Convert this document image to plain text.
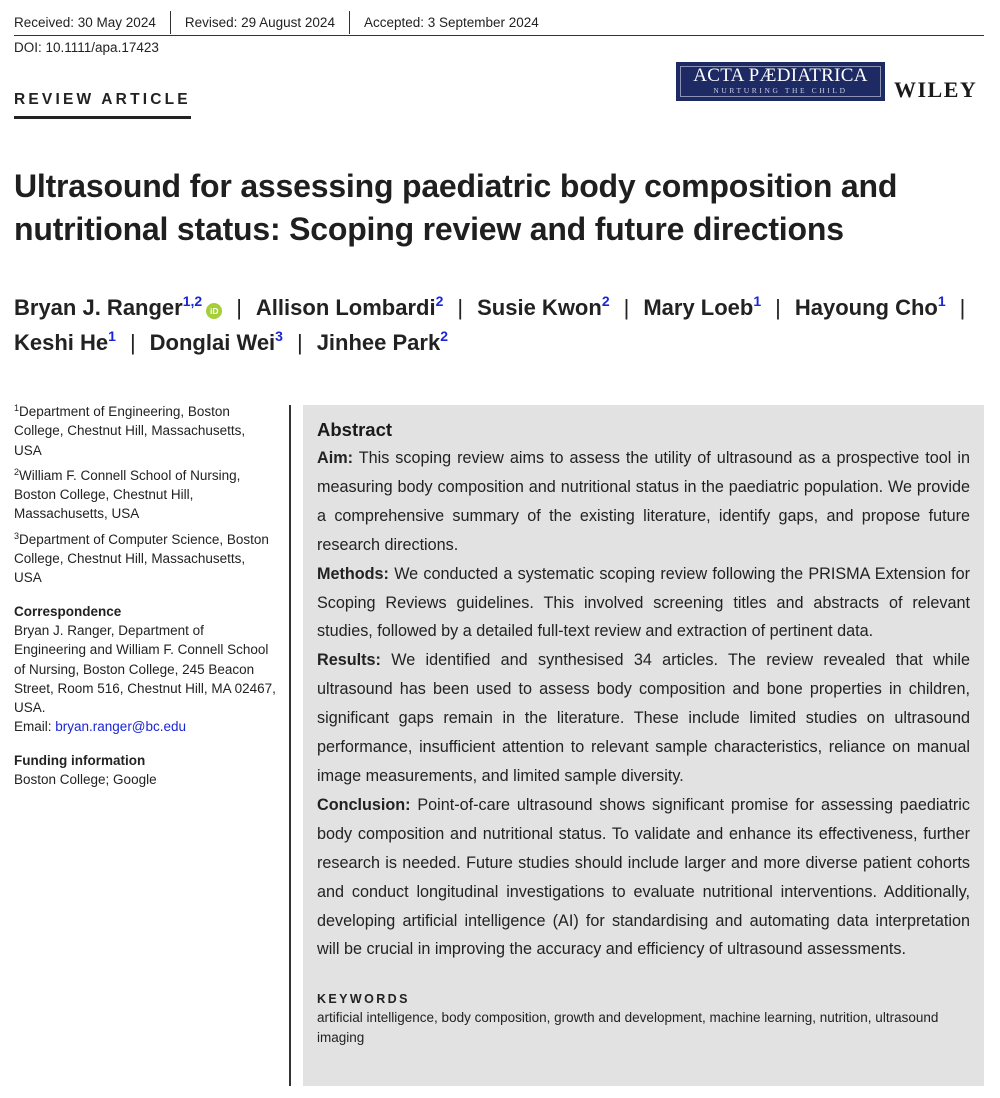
Received: 30 May 2024	Revised: 29 August 2024	Accepted: 3 September 2024
DOI: 10.1111/apa.17423
REVIEW ARTICLE
ACTA PÆDIATRICA
NURTURING THE CHILD	WILEY
Ultrasound for assessing paediatric body composition and nutritional status: Scoping review and future directions
Bryan J. Ranger$^{1,2}$iD | Allison Lombardi$^2$ | Susie Kwon$^2$ | Mary Loeb$^1$ | Hayoung Cho$^1$ |
Keshi He$^1$ | Donglai Wei$^3$ | Jinhee Park$^2$
$^1$Department of Engineering, Boston College, Chestnut Hill, Massachusetts, USA
$^2$William F. Connell School of Nursing, Boston College, Chestnut Hill, Massachusetts, USA
$^3$Department of Computer Science, Boston College, Chestnut Hill, Massachusetts, USA
Correspondence
Bryan J. Ranger, Department of Engineering and William F. Connell School of Nursing, Boston College, 245 Beacon Street, Room 516, Chestnut Hill, MA 02467, USA.
Email: bryan.ranger@bc.edu
Funding information
Boston College; Google
Abstract

Aim: This scoping review aims to assess the utility of ultrasound as a prospective tool in measuring body composition and nutritional status in the paediatric population. We provide a comprehensive summary of the existing literature, identify gaps, and propose future research directions.

Methods: We conducted a systematic scoping review following the PRISMA Extension for Scoping Reviews guidelines. This involved screening titles and abstracts of relevant studies, followed by a detailed full-text review and extraction of pertinent data.

Results: We identified and synthesised 34 articles. The review revealed that while ultrasound has been used to assess body composition and bone properties in children, significant gaps remain in the literature. These include limited studies on ultrasound performance, insufficient attention to relevant sample characteristics, reliance on manual image measurements, and limited sample diversity.

Conclusion: Point-of-care ultrasound shows significant promise for assessing paediatric body composition and nutritional status. To validate and enhance its effectiveness, further research is needed. Future studies should include larger and more diverse patient cohorts and conduct longitudinal investigations to evaluate nutritional interventions. Additionally, developing artificial intelligence (AI) for standardising and automating data interpretation will be crucial in improving the accuracy and efficiency of ultrasound assessments.

KEYWORDS
artificial intelligence, body composition, growth and development, machine learning, nutrition, ultrasound imaging
